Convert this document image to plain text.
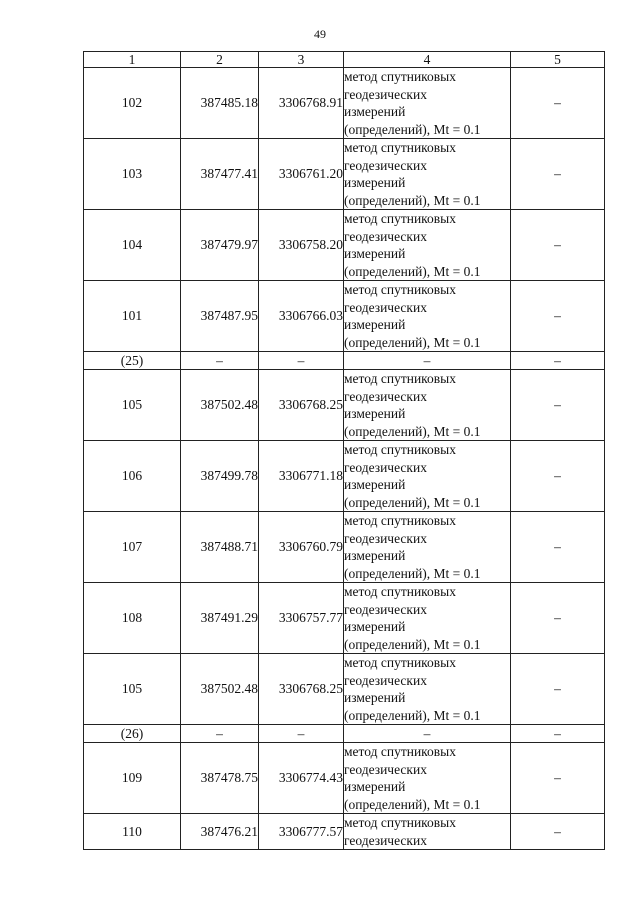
49
1	2	3	4	5
102	387485.18	3306768.91	метод спутниковых
геодезических
измерений
(определений), Mt = 0.1	–
103	387477.41	3306761.20	метод спутниковых
геодезических
измерений
(определений), Mt = 0.1	–
104	387479.97	3306758.20	метод спутниковых
геодезических
измерений
(определений), Mt = 0.1	–
101	387487.95	3306766.03	метод спутниковых
геодезических
измерений
(определений), Mt = 0.1	–
(25)	–	–	–	–
105	387502.48	3306768.25	метод спутниковых
геодезических
измерений
(определений), Mt = 0.1	–
106	387499.78	3306771.18	метод спутниковых
геодезических
измерений
(определений), Mt = 0.1	–
107	387488.71	3306760.79	метод спутниковых
геодезических
измерений
(определений), Mt = 0.1	–
108	387491.29	3306757.77	метод спутниковых
геодезических
измерений
(определений), Mt = 0.1	–
105	387502.48	3306768.25	метод спутниковых
геодезических
измерений
(определений), Mt = 0.1	–
(26)	–	–	–	–
109	387478.75	3306774.43	метод спутниковых
геодезических
измерений
(определений), Mt = 0.1	–
110	387476.21	3306777.57	метод спутниковых
геодезических	–
